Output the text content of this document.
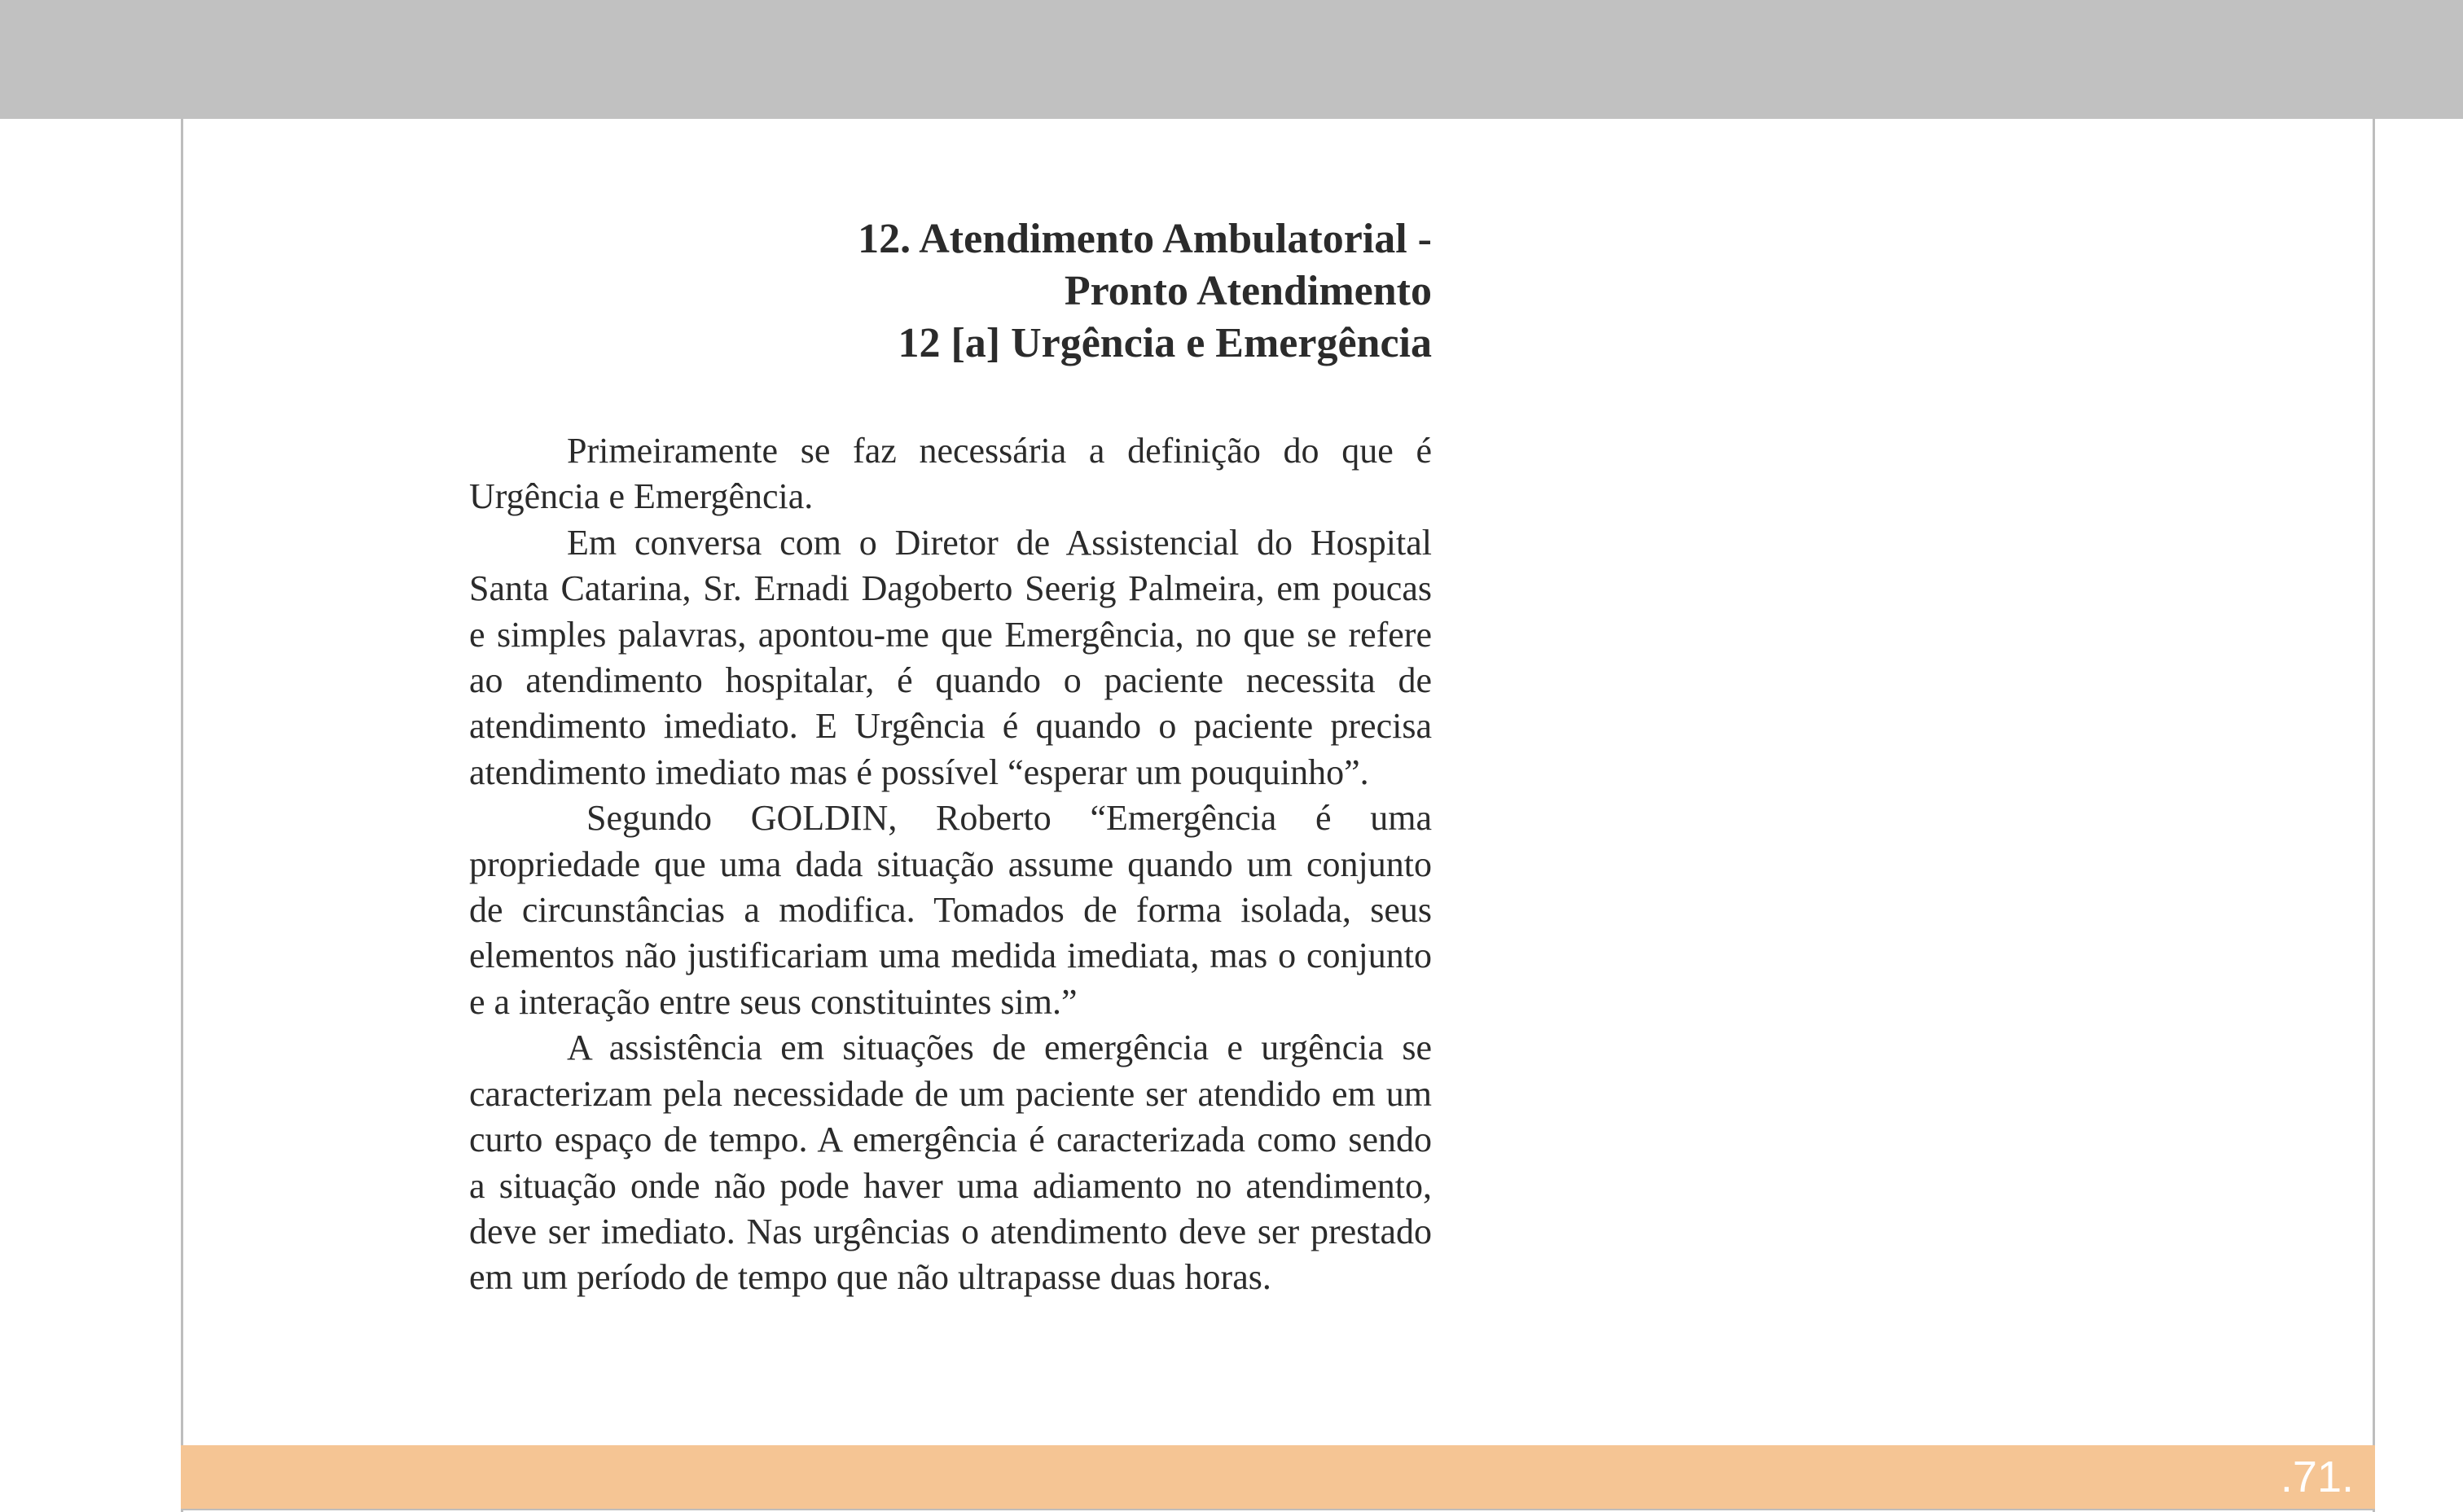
12. Atendimento Ambulatorial -
Pronto Atendimento
12 [a] Urgência e Emergência

Primeiramente se faz necessária a definição do que é Urgência e Emergência.

Em conversa com o Diretor de Assistencial do Hospital Santa Catarina, Sr. Ernadi Dagoberto Seerig Palmeira, em poucas e simples palavras, apontou-me que Emergência, no que se refere ao atendimento hospitalar, é quando o paciente necessita de atendimento imediato. E Urgência é quando o paciente precisa atendimento imediato mas é possível “esperar um pouquinho”.

Segundo GOLDIN, Roberto “Emergência é uma propriedade que uma dada situação assume quando um conjunto de circunstâncias a modifica. Tomados de forma isolada, seus elementos não justificariam uma medida imediata, mas o conjunto e a interação entre seus constituintes sim.”

A assistência em situações de emergência e urgência se caracterizam pela necessidade de um paciente ser atendido em um curto espaço de tempo. A emergência é caracterizada como sendo a situação onde não pode haver uma adiamento no atendimento, deve ser imediato. Nas urgências o atendimento deve ser prestado em um período de tempo que não ultrapasse duas horas.

.71.
